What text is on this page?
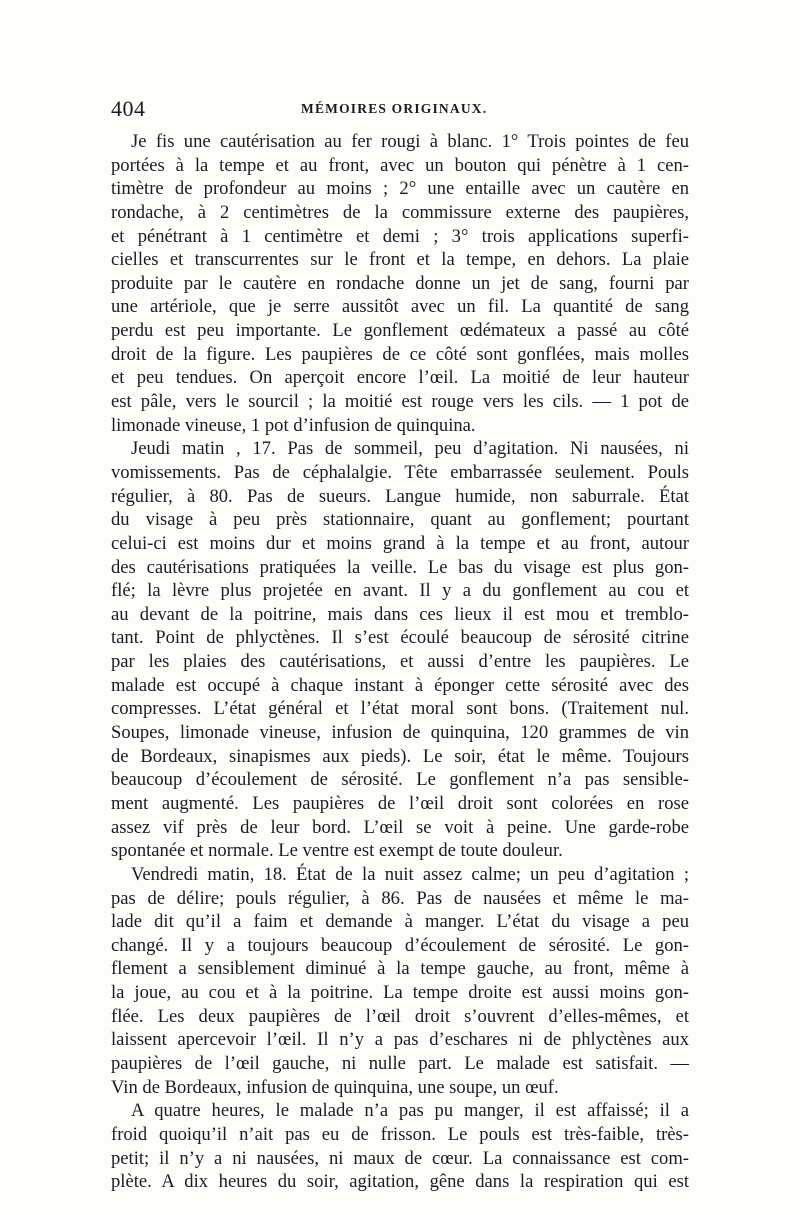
404	MÉMOIRES ORIGINAUX.
Je fis une cautérisation au fer rougi à blanc. 1° Trois pointes de feu
portées à la tempe et au front, avec un bouton qui pénètre à 1 cen-
timètre de profondeur au moins ; 2° une entaille avec un cautère en
rondache, à 2 centimètres de la commissure externe des paupières,
et pénétrant à 1 centimètre et demi ; 3° trois applications superfi-
cielles et transcurrentes sur le front et la tempe, en dehors. La plaie
produite par le cautère en rondache donne un jet de sang, fourni par
une artériole, que je serre aussitôt avec un fil. La quantité de sang
perdu est peu importante. Le gonflement œdémateux a passé au côté
droit de la figure. Les paupières de ce côté sont gonflées, mais molles
et peu tendues. On aperçoit encore l’œil. La moitié de leur hauteur
est pâle, vers le sourcil ; la moitié est rouge vers les cils. — 1 pot de
limonade vineuse, 1 pot d’infusion de quinquina.
Jeudi matin , 17. Pas de sommeil, peu d’agitation. Ni nausées, ni
vomissements. Pas de céphalalgie. Tête embarrassée seulement. Pouls
régulier, à 80. Pas de sueurs. Langue humide, non saburrale. État
du visage à peu près stationnaire, quant au gonflement; pourtant
celui-ci est moins dur et moins grand à la tempe et au front, autour
des cautérisations pratiquées la veille. Le bas du visage est plus gon-
flé; la lèvre plus projetée en avant. Il y a du gonflement au cou et
au devant de la poitrine, mais dans ces lieux il est mou et tremblo-
tant. Point de phlyctènes. Il s’est écoulé beaucoup de sérosité citrine
par les plaies des cautérisations, et aussi d’entre les paupières. Le
malade est occupé à chaque instant à éponger cette sérosité avec des
compresses. L’état général et l’état moral sont bons. (Traitement nul.
Soupes, limonade vineuse, infusion de quinquina, 120 grammes de vin
de Bordeaux, sinapismes aux pieds). Le soir, état le même. Toujours
beaucoup d’écoulement de sérosité. Le gonflement n’a pas sensible-
ment augmenté. Les paupières de l’œil droit sont colorées en rose
assez vif près de leur bord. L’œil se voit à peine. Une garde-robe
spontanée et normale. Le ventre est exempt de toute douleur.
Vendredi matin, 18. État de la nuit assez calme; un peu d’agitation ;
pas de délire; pouls régulier, à 86. Pas de nausées et même le ma-
lade dit qu’il a faim et demande à manger. L’état du visage a peu
changé. Il y a toujours beaucoup d’écoulement de sérosité. Le gon-
flement a sensiblement diminué à la tempe gauche, au front, même à
la joue, au cou et à la poitrine. La tempe droite est aussi moins gon-
flée. Les deux paupières de l’œil droit s’ouvrent d’elles-mêmes, et
laissent apercevoir l’œil. Il n’y a pas d’eschares ni de phlyctènes aux
paupières de l’œil gauche, ni nulle part. Le malade est satisfait. —
Vin de Bordeaux, infusion de quinquina, une soupe, un œuf.
A quatre heures, le malade n’a pas pu manger, il est affaissé; il a
froid quoiqu’il n’ait pas eu de frisson. Le pouls est très-faible, très-
petit; il n’y a ni nausées, ni maux de cœur. La connaissance est com-
plète. A dix heures du soir, agitation, gêne dans la respiration qui est
